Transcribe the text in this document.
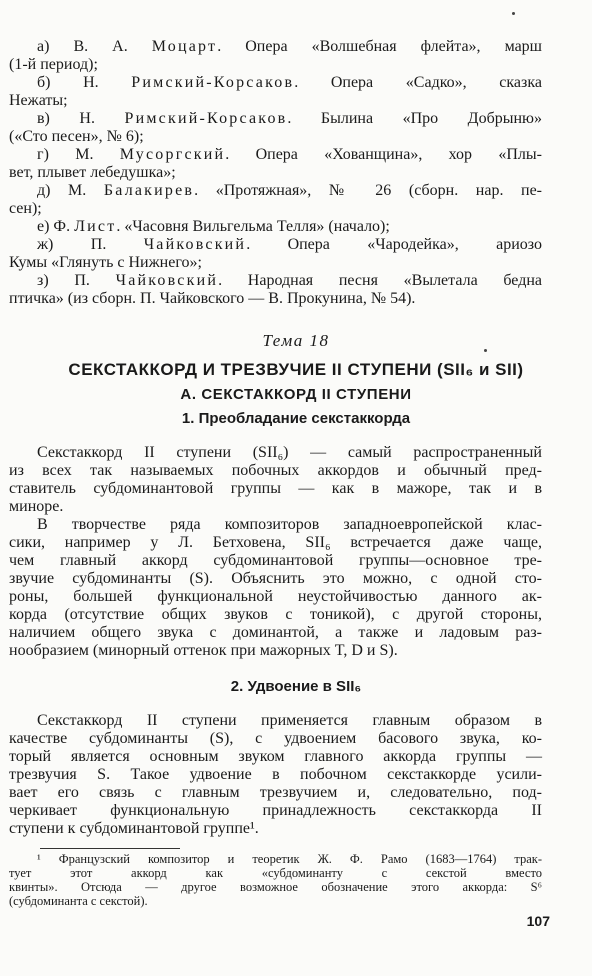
а) В. А. Моцарт. Опера «Волшебная флейта», марш
(1-й период);
б) Н. Римский-Корсаков. Опера «Садко», сказка
Нежаты;
в) Н. Римский-Корсаков. Былина «Про Добрыню»
(«Сто песен», № 6);
г) М. Мусоргский. Опера «Хованщина», хор «Плы-
вет, плывет лебедушка»;
д) М. Балакирев. «Протяжная», № 26 (сборн. нар. пе-
сен);
е) Ф. Лист. «Часовня Вильгельма Телля» (начало);
ж) П. Чайковский. Опера «Чародейка», ариозо
Кумы «Глянуть с Нижнего»;
з) П. Чайковский. Народная песня «Вылетала бедна
птичка» (из сборн. П. Чайковского — В. Прокунина, № 54).
Тема 18
СЕКСТАККОРД И ТРЕЗВУЧИЕ II СТУПЕНИ (SII₆ и SII)
А. СЕКСТАККОРД II СТУПЕНИ
1. Преобладание секстаккорда
Секстаккорд II ступени (SII₆) — самый распространенный
из всех так называемых побочных аккордов и обычный пред-
ставитель субдоминантовой группы — как в мажоре, так и в
миноре.
В творчестве ряда композиторов западноевропейской клас-
сики, например у Л. Бетховена, SII₆ встречается даже чаще,
чем главный аккорд субдоминантовой группы—основное тре-
звучие субдоминанты (S). Объяснить это можно, с одной сто-
роны, большей функциональной неустойчивостью данного ак-
корда (отсутствие общих звуков с тоникой), с другой стороны,
наличием общего звука с доминантой, а также и ладовым раз-
нообразием (минорный оттенок при мажорных T, D и S).
2. Удвоение в SII₆
Секстаккорд II ступени применяется главным образом в
качестве субдоминанты (S), с удвоением басового звука, ко-
торый является основным звуком главного аккорда группы —
трезвучия S. Такое удвоение в побочном секстаккорде усили-
вает его связь с главным трезвучием и, следовательно, под-
черкивает функциональную принадлежность секстаккорда II
ступени к субдоминантовой группе¹.
¹ Французский композитор и теоретик Ж. Ф. Рамо (1683—1764) трак-
тует этот аккорд как «субдоминанту с секстой вместо
квинты». Отсюда — другое возможное обозначение этого аккорда: S⁶
(субдоминанта с секстой).
107
